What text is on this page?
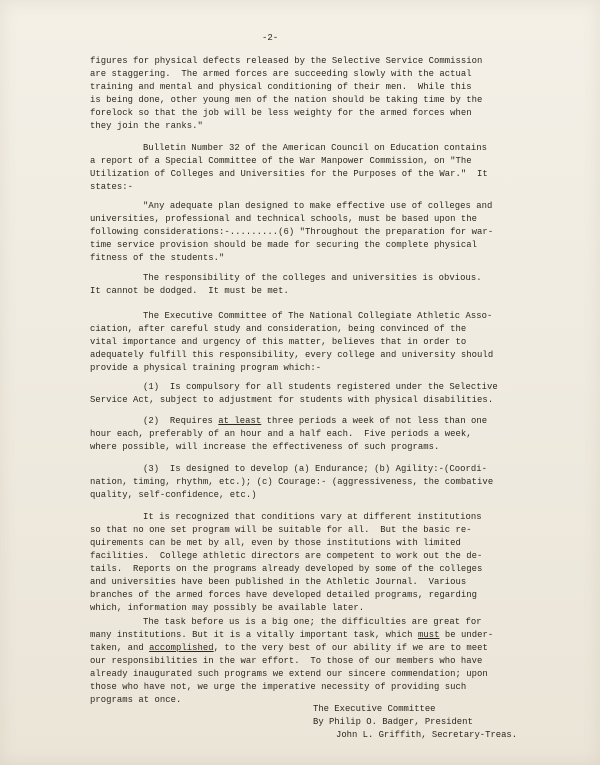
-2-

figures for physical defects released by the Selective Service Commission

are staggering.  The armed forces are succeeding slowly with the actual

training and mental and physical conditioning of their men.  While this

is being done, other young men of the nation should be taking time by the

forelock so that the job will be less weighty for the armed forces when

they join the ranks."

Bulletin Number 32 of the American Council on Education contains

a report of a Special Committee of the War Manpower Commission, on "The

Utilization of Colleges and Universities for the Purposes of the War."  It

states:-

"Any adequate plan designed to make effective use of colleges and

universities, professional and technical schools, must be based upon the

following considerations:-.........(6) "Throughout the preparation for war-

time service provision should be made for securing the complete physical

fitness of the students."

The responsibility of the colleges and universities is obvious.

It cannot be dodged.  It must be met.

The Executive Committee of The National Collegiate Athletic Asso-

ciation, after careful study and consideration, being convinced of the

vital importance and urgency of this matter, believes that in order to

adequately fulfill this responsibility, every college and university should

provide a physical training program which:-

(1)  Is compulsory for all students registered under the Selective

Service Act, subject to adjustment for students with physical disabilities.

(2)  Requires at least three periods a week of not less than one

hour each, preferably of an hour and a half each.  Five periods a week,

where possible, will increase the effectiveness of such programs.

(3)  Is designed to develop (a) Endurance; (b) Agility:-(Coordi-

nation, timing, rhythm, etc.); (c) Courage:- (aggressiveness, the combative

quality, self-confidence, etc.)

It is recognized that conditions vary at different institutions

so that no one set program will be suitable for all.  But the basic re-

quirements can be met by all, even by those institutions with limited

facilities.  College athletic directors are competent to work out the de-

tails.  Reports on the programs already developed by some of the colleges

and universities have been published in the Athletic Journal.  Various

branches of the armed forces have developed detailed programs, regarding

which, information may possibly be available later.

The task before us is a big one; the difficulties are great for
many institutions. But it is a vitally important task, which must be under-
taken, and accomplished, to the very best of our ability if we are to meet
our responsibilities in the war effort.  To those of our members who have
already inaugurated such programs we extend our sincere commendation; upon
those who have not, we urge the imperative necessity of providing such
programs at once.
The Executive Committee
By Philip O. Badger, President
John L. Griffith, Secretary-Treas.
